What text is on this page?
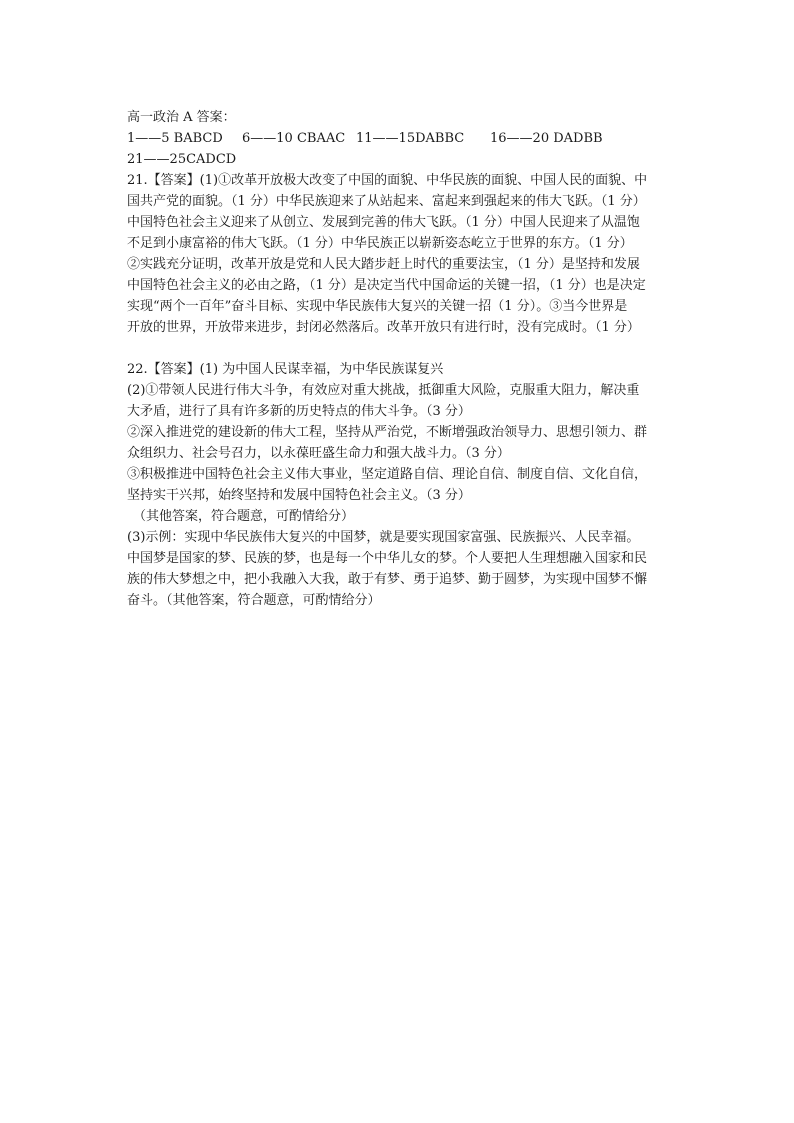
高一政治 A 答案：
1——5 BABCD	6——10 CBAAC 11——15DABBC	16——20 DADBB
21——25CADCD
21.【答案】(1)①改革开放极大改变了中国的面貌、中华民族的面貌、中国人民的面貌、中
国共产党的面貌。（1 分）中华民族迎来了从站起来、富起来到强起来的伟大飞跃。（1 分）
中国特色社会主义迎来了从创立、发展到完善的伟大飞跃。（1 分）中国人民迎来了从温饱
不足到小康富裕的伟大飞跃。（1 分）中华民族正以崭新姿态屹立于世界的东方。（1 分）
②实践充分证明，改革开放是党和人民大踏步赶上时代的重要法宝，（1 分）是坚持和发展
中国特色社会主义的必由之路，（1 分）是决定当代中国命运的关键一招，（1 分）也是决定
实现“两个一百年”奋斗目标、实现中华民族伟大复兴的关键一招（1 分）。③当今世界是
开放的世界，开放带来进步，封闭必然落后。改革开放只有进行时，没有完成时。（1 分）
22.【答案】(1) 为中国人民谋幸福，为中华民族谋复兴
(2)①带领人民进行伟大斗争，有效应对重大挑战，抵御重大风险，克服重大阻力，解决重
大矛盾，进行了具有许多新的历史特点的伟大斗争。（3 分）
②深入推进党的建设新的伟大工程，坚持从严治党，不断增强政治领导力、思想引领力、群
众组织力、社会号召力，以永葆旺盛生命力和强大战斗力。（3 分）
③积极推进中国特色社会主义伟大事业，坚定道路自信、理论自信、制度自信、文化自信，
坚持实干兴邦，始终坚持和发展中国特色社会主义。（3 分）
（其他答案，符合题意，可酌情给分）
(3)示例：实现中华民族伟大复兴的中国梦，就是要实现国家富强、民族振兴、人民幸福。
中国梦是国家的梦、民族的梦，也是每一个中华儿女的梦。个人要把人生理想融入国家和民
族的伟大梦想之中，把小我融入大我，敢于有梦、勇于追梦、勤于圆梦，为实现中国梦不懈
奋斗。（其他答案，符合题意，可酌情给分）
